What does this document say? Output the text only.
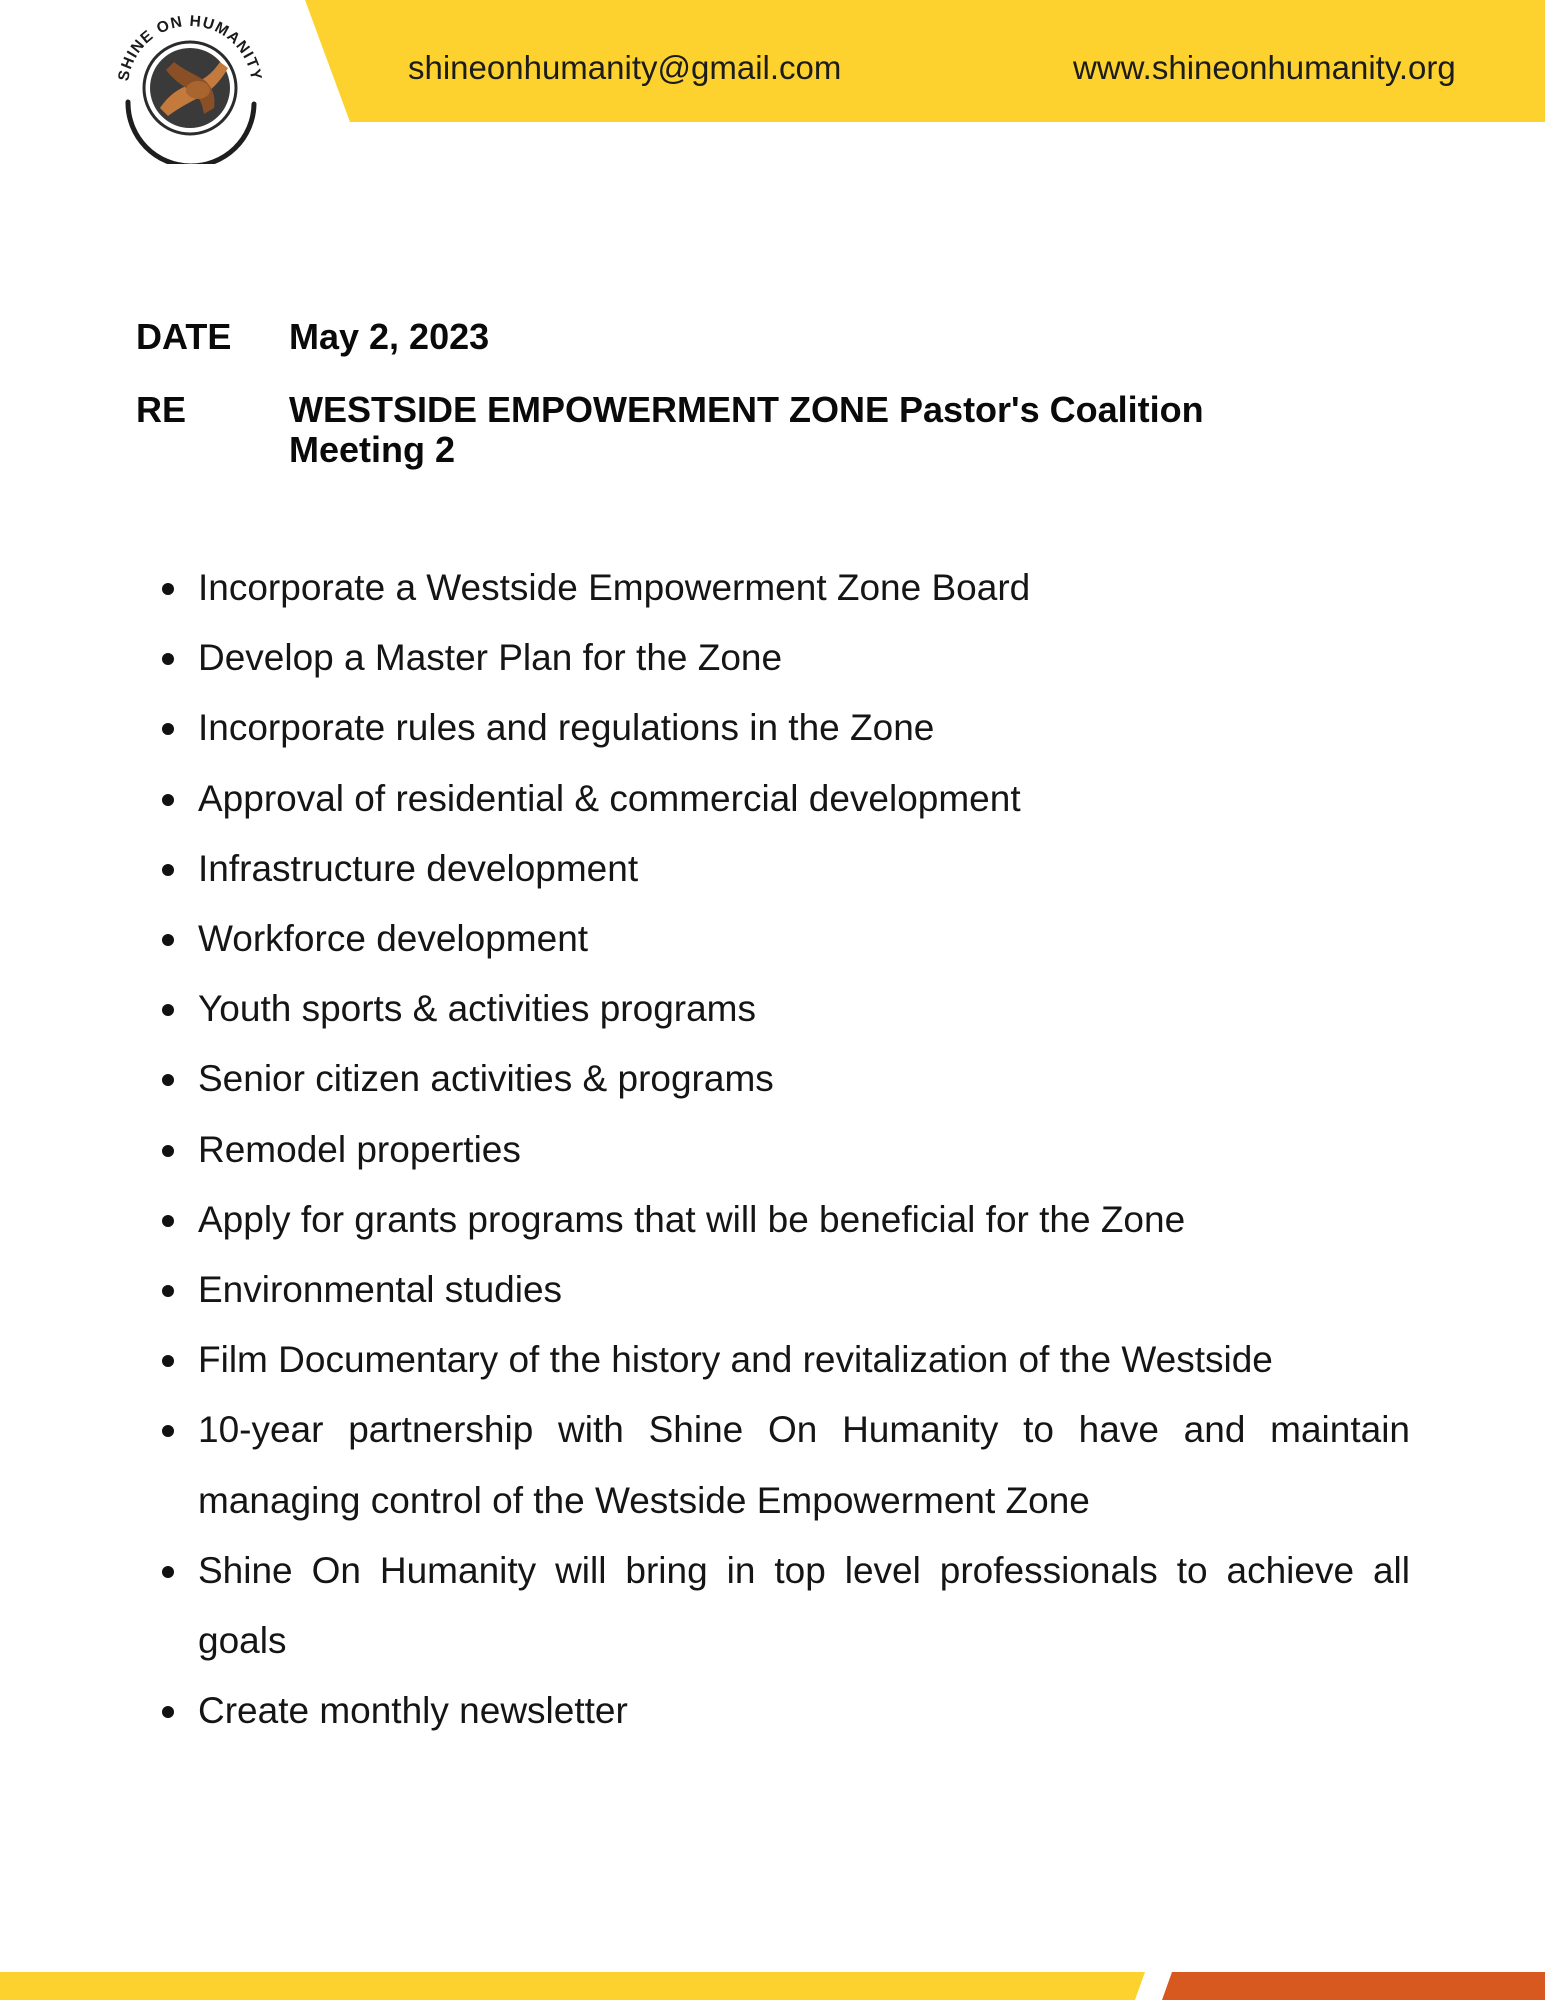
SHINE ON HUMANITY	shineonhumanity@gmail.com	www.shineonhumanity.org
DATE May 2, 2023
RE	WESTSIDE EMPOWERMENT ZONE Pastor's Coalition
Meeting 2
Incorporate a Westside Empowerment Zone Board
Develop a Master Plan for the Zone
Incorporate rules and regulations in the Zone
Approval of residential & commercial development
Infrastructure development
Workforce development
Youth sports & activities programs
Senior citizen activities & programs
Remodel properties
Apply for grants programs that will be beneficial for the Zone
Environmental studies
Film Documentary of the history and revitalization of the Westside
10-year partnership with Shine On Humanity to have and maintain managing control of the Westside Empowerment Zone
Shine On Humanity will bring in top level professionals to achieve all goals
Create monthly newsletter
